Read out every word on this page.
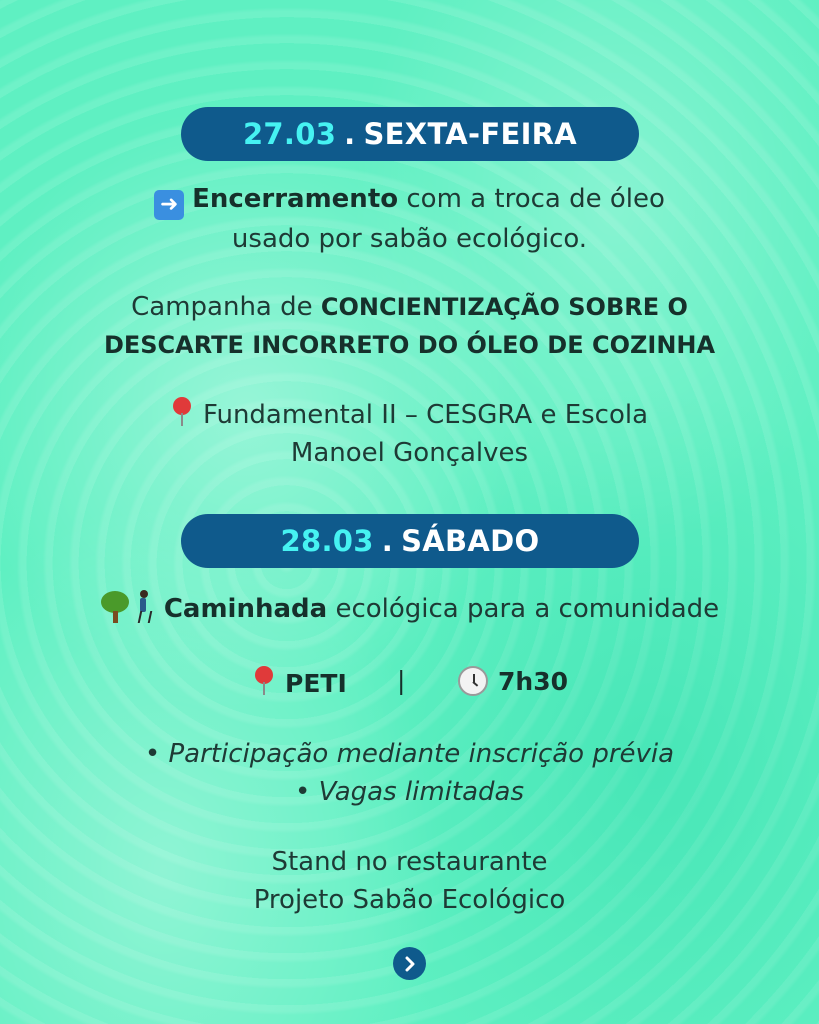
27.03 . SEXTA-FEIRA
➜ Encerramento com a troca de óleo
usado por sabão ecológico.
Campanha de CONCIENTIZAÇÃO SOBRE O
DESCARTE INCORRETO DO ÓLEO DE COZINHA
Fundamental II – CESGRA e Escola
Manoel Gonçalves
28.03 . SÁBADO
Caminhada ecológica para a comunidade
PETI |	7h30
• Participação mediante inscrição prévia
• Vagas limitadas
Stand no restaurante
Projeto Sabão Ecológico
